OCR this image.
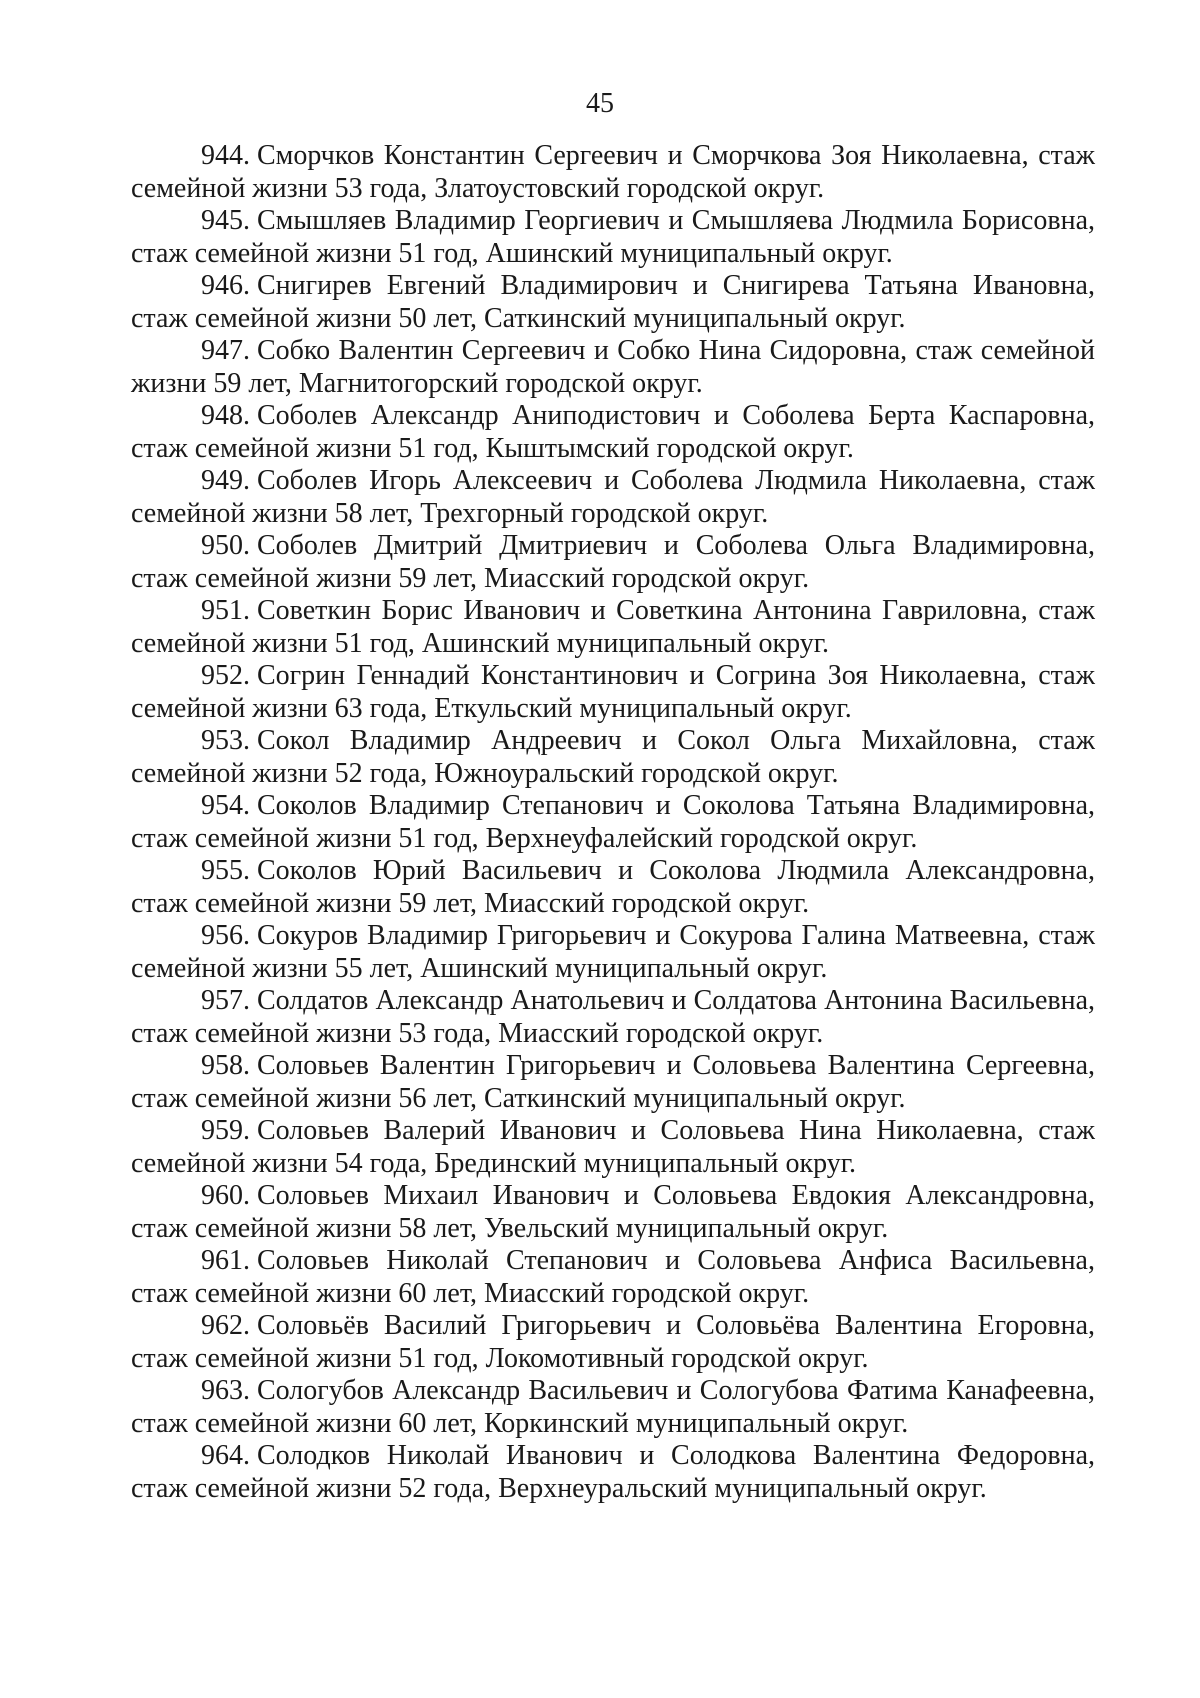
45
944. Сморчков Константин Сергеевич и Сморчкова Зоя Николаевна, стаж семейной жизни 53 года, Златоустовский городской округ.
945. Смышляев Владимир Георгиевич и Смышляева Людмила Борисовна, стаж семейной жизни 51 год, Ашинский муниципальный округ.
946. Снигирев Евгений Владимирович и Снигирева Татьяна Ивановна, стаж семейной жизни 50 лет, Саткинский муниципальный округ.
947. Собко Валентин Сергеевич и Собко Нина Сидоровна, стаж семейной жизни 59 лет, Магнитогорский городской округ.
948. Соболев Александр Аниподистович и Соболева Берта Каспаровна, стаж семейной жизни 51 год, Кыштымский городской округ.
949. Соболев Игорь Алексеевич и Соболева Людмила Николаевна, стаж семейной жизни 58 лет, Трехгорный городской округ.
950. Соболев Дмитрий Дмитриевич и Соболева Ольга Владимировна, стаж семейной жизни 59 лет, Миасский городской округ.
951. Советкин Борис Иванович и Советкина Антонина Гавриловна, стаж семейной жизни 51 год, Ашинский муниципальный округ.
952. Согрин Геннадий Константинович и Согрина Зоя Николаевна, стаж семейной жизни 63 года, Еткульский муниципальный округ.
953. Сокол Владимир Андреевич и Сокол Ольга Михайловна, стаж семейной жизни 52 года, Южноуральский городской округ.
954. Соколов Владимир Степанович и Соколова Татьяна Владимировна, стаж семейной жизни 51 год, Верхнеуфалейский городской округ.
955. Соколов Юрий Васильевич и Соколова Людмила Александровна, стаж семейной жизни 59 лет, Миасский городской округ.
956. Сокуров Владимир Григорьевич и Сокурова Галина Матвеевна, стаж семейной жизни 55 лет, Ашинский муниципальный округ.
957. Солдатов Александр Анатольевич и Солдатова Антонина Васильевна, стаж семейной жизни 53 года, Миасский городской округ.
958. Соловьев Валентин Григорьевич и Соловьева Валентина Сергеевна, стаж семейной жизни 56 лет, Саткинский муниципальный округ.
959. Соловьев Валерий Иванович и Соловьева Нина Николаевна, стаж семейной жизни 54 года, Брединский муниципальный округ.
960. Соловьев Михаил Иванович и Соловьева Евдокия Александровна, стаж семейной жизни 58 лет, Увельский муниципальный округ.
961. Соловьев Николай Степанович и Соловьева Анфиса Васильевна, стаж семейной жизни 60 лет, Миасский городской округ.
962. Соловьёв Василий Григорьевич и Соловьёва Валентина Егоровна, стаж семейной жизни 51 год, Локомотивный городской округ.
963. Сологубов Александр Васильевич и Сологубова Фатима Канафеевна, стаж семейной жизни 60 лет, Коркинский муниципальный округ.
964. Солодков Николай Иванович и Солодкова Валентина Федоровна, стаж семейной жизни 52 года, Верхнеуральский муниципальный округ.
